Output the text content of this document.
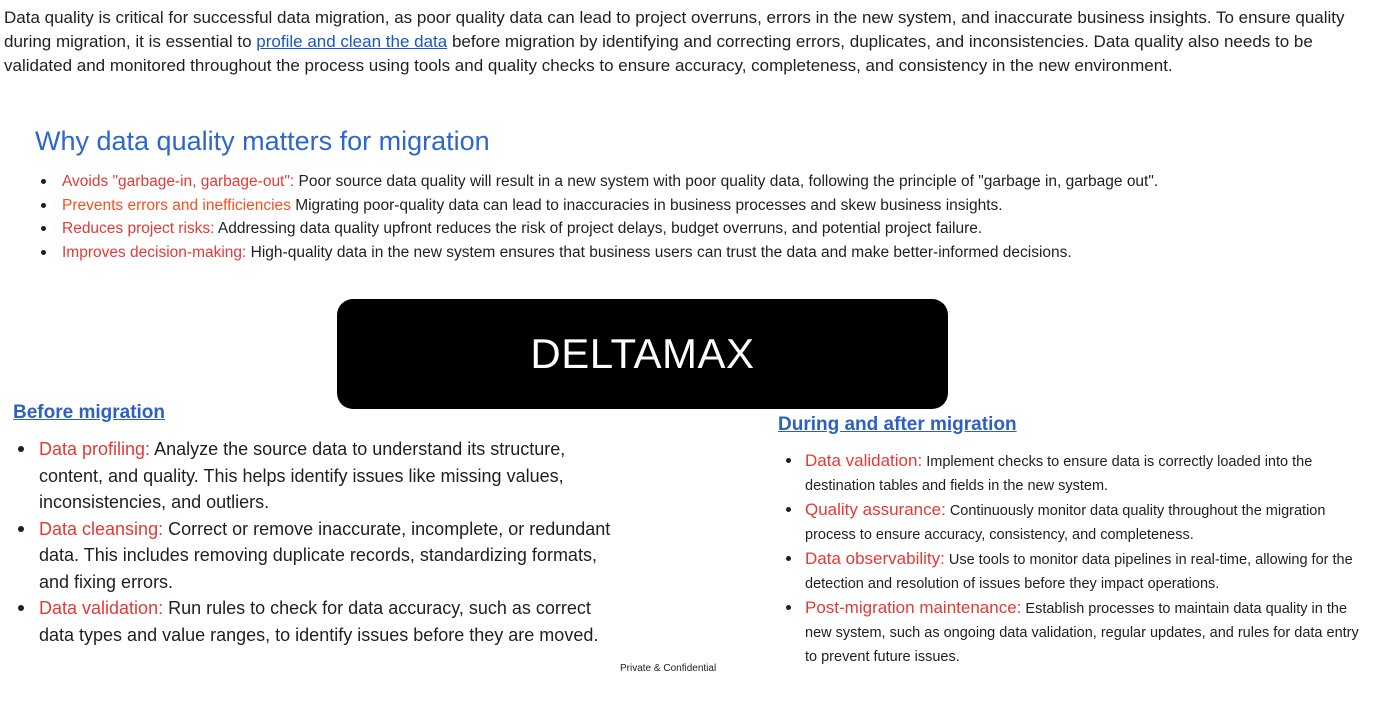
Data quality is critical for successful data migration, as poor quality data can lead to project overruns, errors in the new system, and inaccurate business insights. To ensure quality during migration, it is essential to profile and clean the data before migration by identifying and correcting errors, duplicates, and inconsistencies. Data quality also needs to be validated and monitored throughout the process using tools and quality checks to ensure accuracy, completeness, and consistency in the new environment.

Why data quality matters for migration
Avoids "garbage-in, garbage-out": Poor source data quality will result in a new system with poor quality data, following the principle of "garbage in, garbage out".
Prevents errors and inefficiencies Migrating poor-quality data can lead to inaccuracies in business processes and skew business insights.
Reduces project risks: Addressing data quality upfront reduces the risk of project delays, budget overruns, and potential project failure.
Improves decision-making: High-quality data in the new system ensures that business users can trust the data and make better-informed decisions.
DELTAMAX
Before migration
Data profiling: Analyze the source data to understand its structure, content, and quality. This helps identify issues like missing values, inconsistencies, and outliers.
Data cleansing: Correct or remove inaccurate, incomplete, or redundant data. This includes removing duplicate records, standardizing formats, and fixing errors.
Data validation: Run rules to check for data accuracy, such as correct data types and value ranges, to identify issues before they are moved.
During and after migration
Data validation: Implement checks to ensure data is correctly loaded into the destination tables and fields in the new system.
Quality assurance: Continuously monitor data quality throughout the migration process to ensure accuracy, consistency, and completeness.
Data observability: Use tools to monitor data pipelines in real-time, allowing for the detection and resolution of issues before they impact operations.
Post-migration maintenance: Establish processes to maintain data quality in the new system, such as ongoing data validation, regular updates, and rules for data entry to prevent future issues.
Private & Confidential
